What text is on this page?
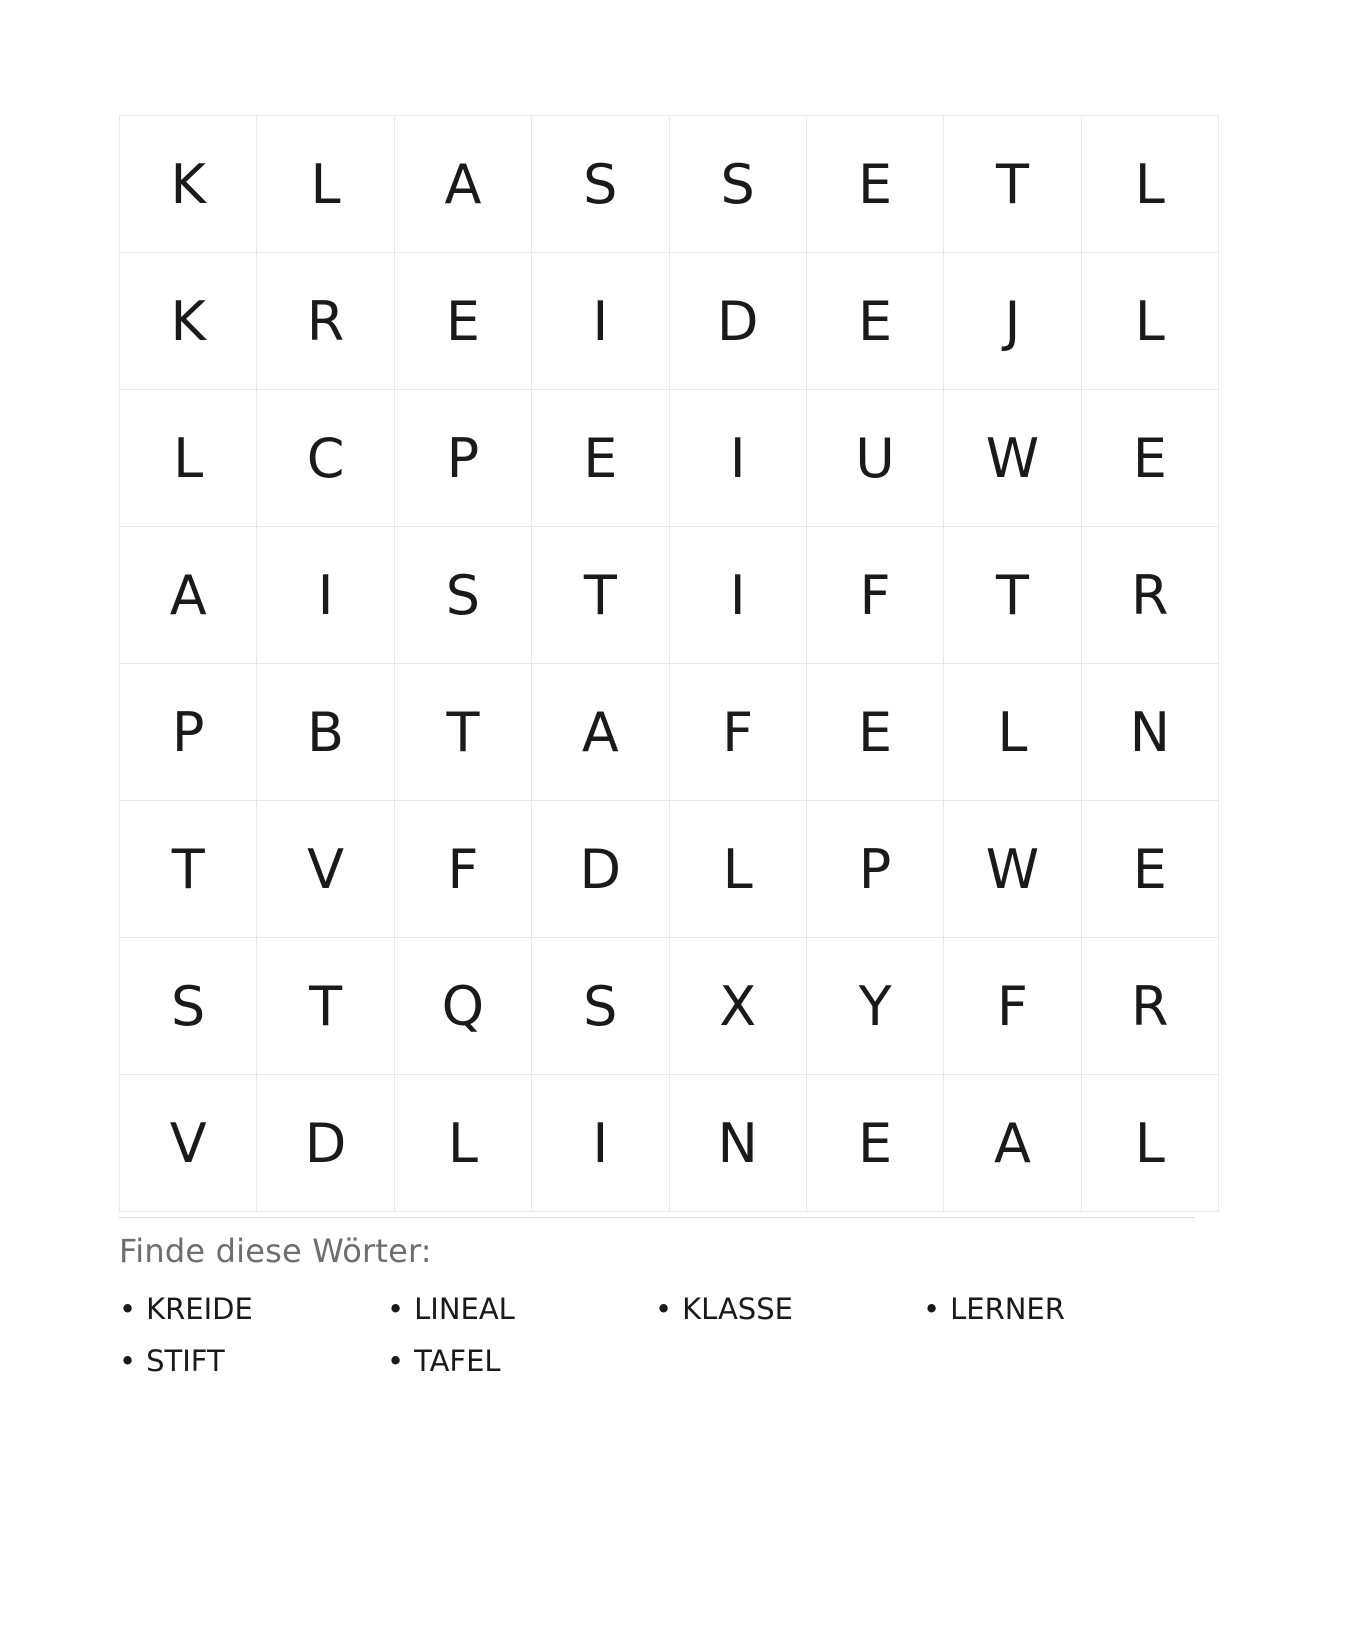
K	L	A	S	S	E	T	L
K	R	E	I	D	E	J	L
L	C	P	E	I	U	W	E
A	I	S	T	I	F	T	R
P	B	T	A	F	E	L	N
T	V	F	D	L	P	W	E
S	T	Q	S	X	Y	F	R
V	D	L	I	N	E	A	L
Finde diese Wörter:
• KREIDE	• LINEAL	• KLASSE	• LERNER
• STIFT	• TAFEL
